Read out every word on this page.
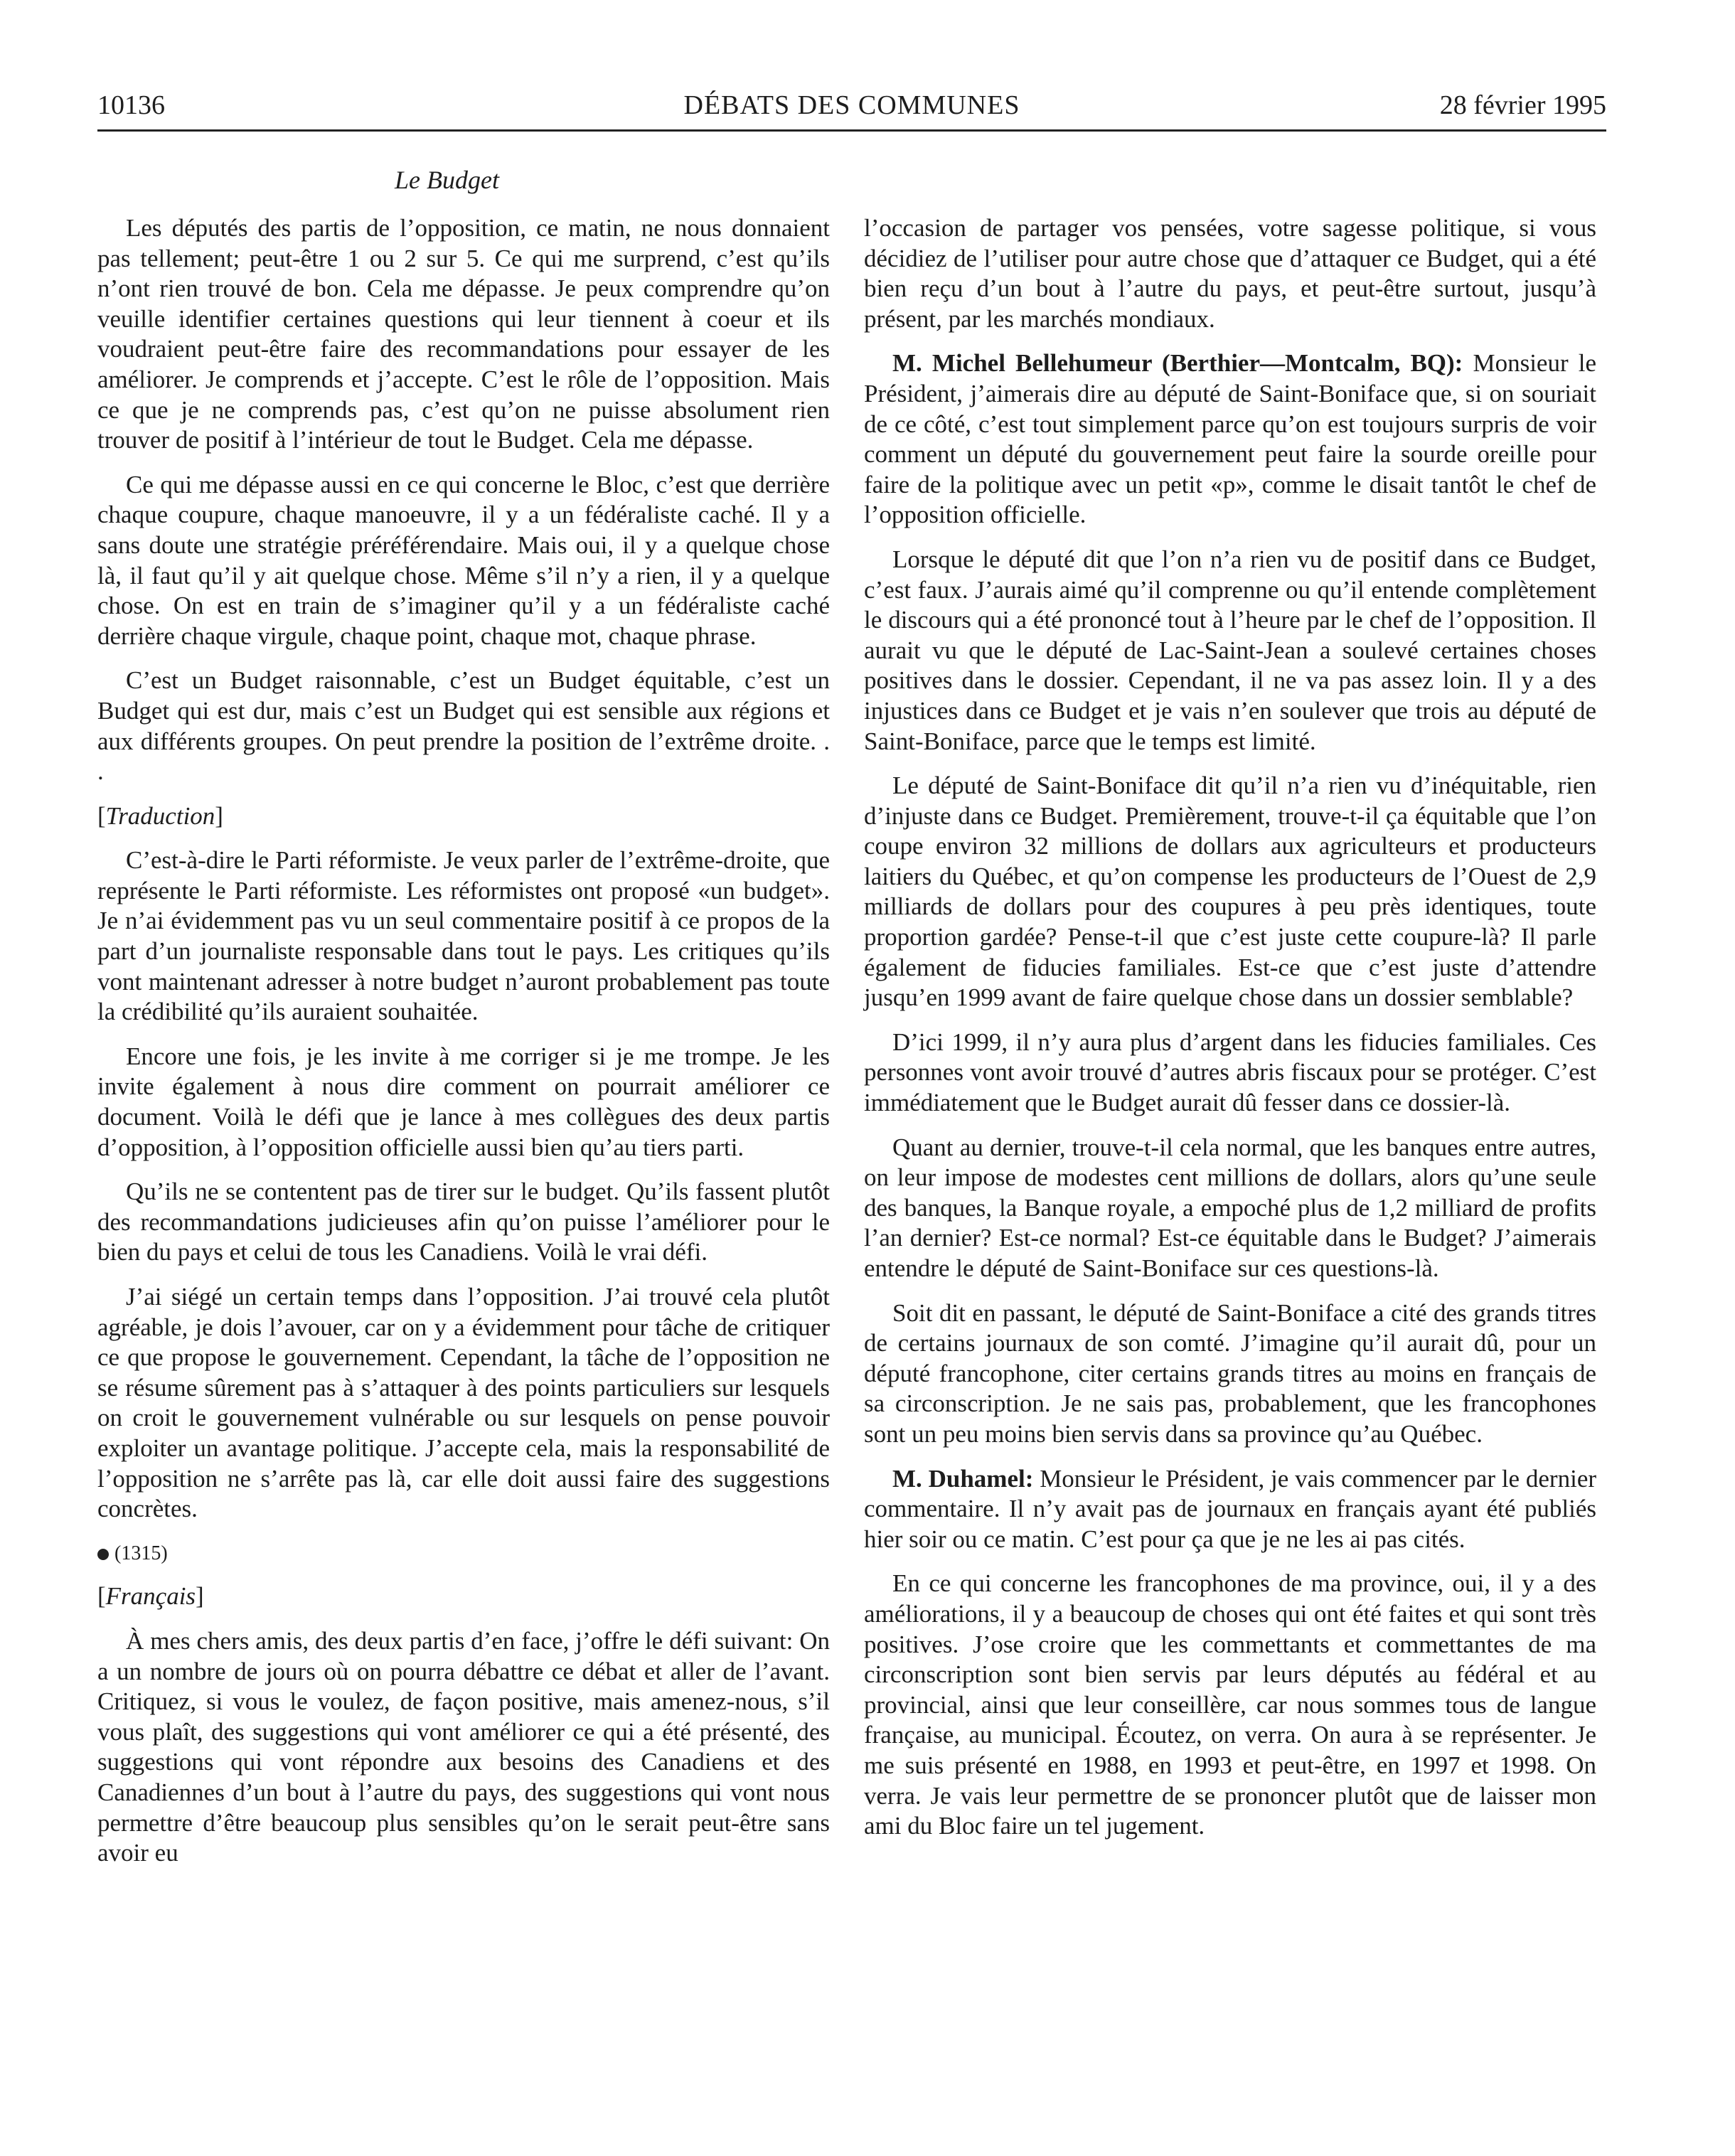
10136	DÉBATS DES COMMUNES	28 février 1995
Le Budget

Les députés des partis de l’opposition, ce matin, ne nous donnaient pas tellement; peut-être 1 ou 2 sur 5. Ce qui me surprend, c’est qu’ils n’ont rien trouvé de bon. Cela me dépasse. Je peux comprendre qu’on veuille identifier certaines questions qui leur tiennent à coeur et ils voudraient peut-être faire des recommandations pour essayer de les améliorer. Je comprends et j’accepte. C’est le rôle de l’opposition. Mais ce que je ne comprends pas, c’est qu’on ne puisse absolument rien trouver de positif à l’intérieur de tout le Budget. Cela me dépasse.

Ce qui me dépasse aussi en ce qui concerne le Bloc, c’est que derrière chaque coupure, chaque manoeuvre, il y a un fédéraliste caché. Il y a sans doute une stratégie préréférendaire. Mais oui, il y a quelque chose là, il faut qu’il y ait quelque chose. Même s’il n’y a rien, il y a quelque chose. On est en train de s’imaginer qu’il y a un fédéraliste caché derrière chaque virgule, chaque point, chaque mot, chaque phrase.

C’est un Budget raisonnable, c’est un Budget équitable, c’est un Budget qui est dur, mais c’est un Budget qui est sensible aux régions et aux différents groupes. On peut prendre la position de l’extrême droite. . .

[Traduction]

C’est-à-dire le Parti réformiste. Je veux parler de l’extrême-droite, que représente le Parti réformiste. Les réformistes ont proposé «un budget». Je n’ai évidemment pas vu un seul commentaire positif à ce propos de la part d’un journaliste responsable dans tout le pays. Les critiques qu’ils vont maintenant adresser à notre budget n’auront probablement pas toute la crédibilité qu’ils auraient souhaitée.

Encore une fois, je les invite à me corriger si je me trompe. Je les invite également à nous dire comment on pourrait améliorer ce document. Voilà le défi que je lance à mes collègues des deux partis d’opposition, à l’opposition officielle aussi bien qu’au tiers parti.

Qu’ils ne se contentent pas de tirer sur le budget. Qu’ils fassent plutôt des recommandations judicieuses afin qu’on puisse l’améliorer pour le bien du pays et celui de tous les Canadiens. Voilà le vrai défi.

J’ai siégé un certain temps dans l’opposition. J’ai trouvé cela plutôt agréable, je dois l’avouer, car on y a évidemment pour tâche de critiquer ce que propose le gouvernement. Cependant, la tâche de l’opposition ne se résume sûrement pas à s’attaquer à des points particuliers sur lesquels on croit le gouvernement vulnérable ou sur lesquels on pense pouvoir exploiter un avantage politique. J’accepte cela, mais la responsabilité de l’opposition ne s’arrête pas là, car elle doit aussi faire des suggestions concrètes.

(1315)
[Français]

À mes chers amis, des deux partis d’en face, j’offre le défi suivant: On a un nombre de jours où on pourra débattre ce débat et aller de l’avant. Critiquez, si vous le voulez, de façon positive, mais amenez-nous, s’il vous plaît, des suggestions qui vont améliorer ce qui a été présenté, des suggestions qui vont répondre aux besoins des Canadiens et des Canadiennes d’un bout à l’autre du pays, des suggestions qui vont nous permettre d’être beaucoup plus sensibles qu’on le serait peut-être sans avoir eu

l’occasion de partager vos pensées, votre sagesse politique, si vous décidiez de l’utiliser pour autre chose que d’attaquer ce Budget, qui a été bien reçu d’un bout à l’autre du pays, et peut-être surtout, jusqu’à présent, par les marchés mondiaux.

M. Michel Bellehumeur (Berthier—Montcalm, BQ): Monsieur le Président, j’aimerais dire au député de Saint-Boniface que, si on souriait de ce côté, c’est tout simplement parce qu’on est toujours surpris de voir comment un député du gouvernement peut faire la sourde oreille pour faire de la politique avec un petit «p», comme le disait tantôt le chef de l’opposition officielle.

Lorsque le député dit que l’on n’a rien vu de positif dans ce Budget, c’est faux. J’aurais aimé qu’il comprenne ou qu’il entende complètement le discours qui a été prononcé tout à l’heure par le chef de l’opposition. Il aurait vu que le député de Lac-Saint-Jean a soulevé certaines choses positives dans le dossier. Cependant, il ne va pas assez loin. Il y a des injustices dans ce Budget et je vais n’en soulever que trois au député de Saint-Boniface, parce que le temps est limité.

Le député de Saint-Boniface dit qu’il n’a rien vu d’inéquitable, rien d’injuste dans ce Budget. Premièrement, trouve-t-il ça équitable que l’on coupe environ 32 millions de dollars aux agriculteurs et producteurs laitiers du Québec, et qu’on compense les producteurs de l’Ouest de 2,9 milliards de dollars pour des coupures à peu près identiques, toute proportion gardée? Pense-t-il que c’est juste cette coupure-là? Il parle également de fiducies familiales. Est-ce que c’est juste d’attendre jusqu’en 1999 avant de faire quelque chose dans un dossier semblable?

D’ici 1999, il n’y aura plus d’argent dans les fiducies familiales. Ces personnes vont avoir trouvé d’autres abris fiscaux pour se protéger. C’est immédiatement que le Budget aurait dû fesser dans ce dossier-là.

Quant au dernier, trouve-t-il cela normal, que les banques entre autres, on leur impose de modestes cent millions de dollars, alors qu’une seule des banques, la Banque royale, a empoché plus de 1,2 milliard de profits l’an dernier? Est-ce normal? Est-ce équitable dans le Budget? J’aimerais entendre le député de Saint-Boniface sur ces questions-là.

Soit dit en passant, le député de Saint-Boniface a cité des grands titres de certains journaux de son comté. J’imagine qu’il aurait dû, pour un député francophone, citer certains grands titres au moins en français de sa circonscription. Je ne sais pas, probablement, que les francophones sont un peu moins bien servis dans sa province qu’au Québec.

M. Duhamel: Monsieur le Président, je vais commencer par le dernier commentaire. Il n’y avait pas de journaux en français ayant été publiés hier soir ou ce matin. C’est pour ça que je ne les ai pas cités.

En ce qui concerne les francophones de ma province, oui, il y a des améliorations, il y a beaucoup de choses qui ont été faites et qui sont très positives. J’ose croire que les commettants et commettantes de ma circonscription sont bien servis par leurs députés au fédéral et au provincial, ainsi que leur conseillère, car nous sommes tous de langue française, au municipal. Écoutez, on verra. On aura à se représenter. Je me suis présenté en 1988, en 1993 et peut-être, en 1997 et 1998. On verra. Je vais leur permettre de se prononcer plutôt que de laisser mon ami du Bloc faire un tel jugement.
